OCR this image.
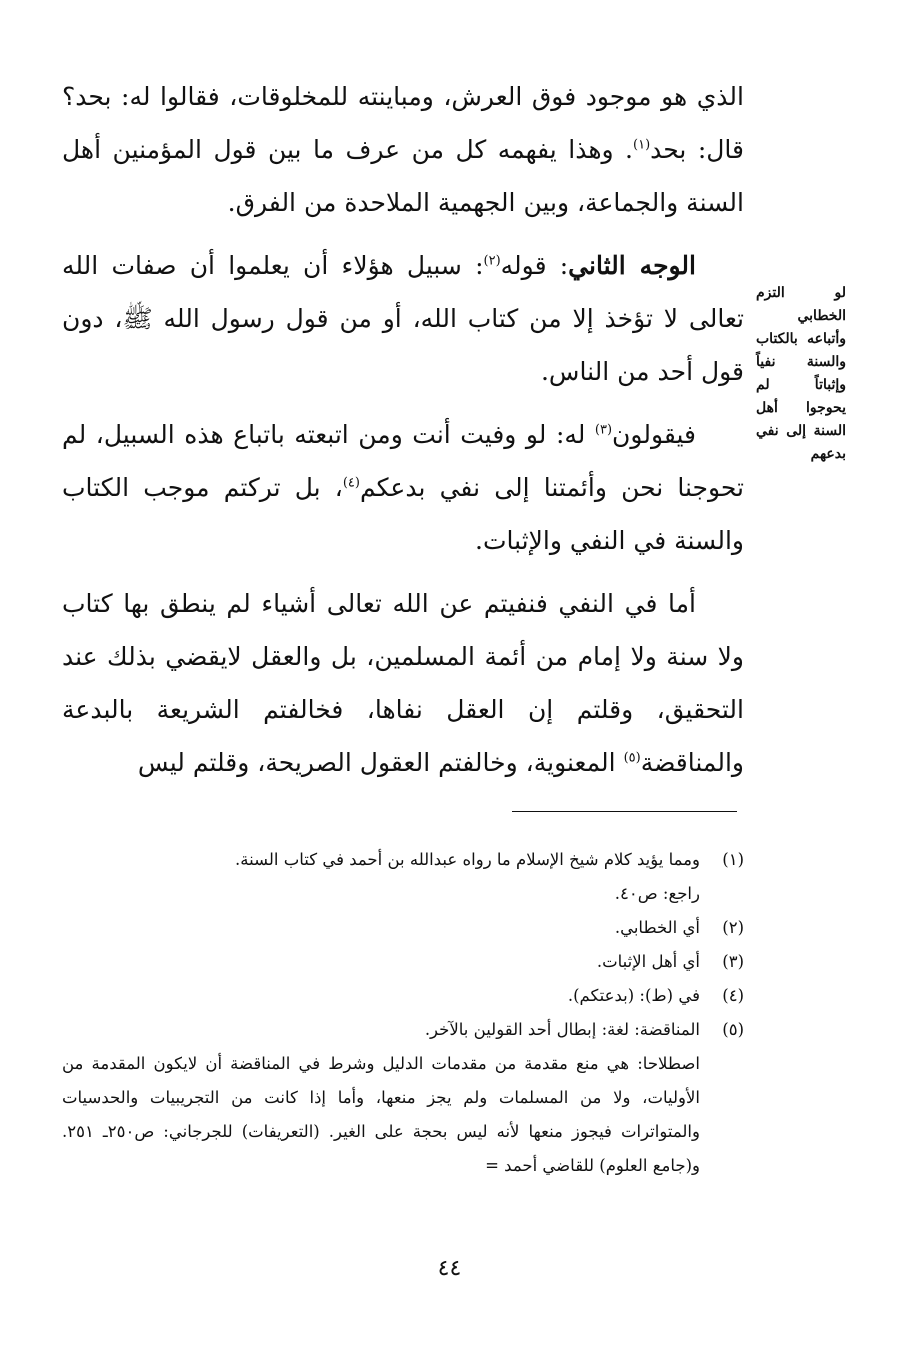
الذي هو موجود فوق العرش، ومباينته للمخلوقات، فقالوا له: بحد؟ قال: بحد$^{(١)}$. وهذا يفهمه كل من عرف ما بين قول المؤمنين أهل السنة والجماعة، وبين الجهمية الملاحدة من الفرق.

الوجه الثاني: قوله$^{(٢)}$: سبيل هؤلاء أن يعلموا أن صفات الله تعالى لا تؤخذ إلا من كتاب الله، أو من قول رسول الله ﷺ، دون قول أحد من الناس.

فيقولون$^{(٣)}$ له: لو وفيت أنت ومن اتبعته باتباع هذه السبيل، لم تحوجنا نحن وأئمتنا إلى نفي بدعكم$^{(٤)}$، بل تركتم موجب الكتاب والسنة في النفي والإثبات.

أما في النفي فنفيتم عن الله تعالى أشياء لم ينطق بها كتاب ولا سنة ولا إمام من أئمة المسلمين، بل والعقل لايقضي بذلك عند التحقيق، وقلتم إن العقل نفاها، فخالفتم الشريعة بالبدعة والمناقضة$^{(٥)}$ المعنوية، وخالفتم العقول الصريحة، وقلتم ليس

لو التزم الخطابي وأتباعه بالكتاب والسنة نفياً وإثباتاً لم يحوجوا أهل السنة إلى نفي بدعهم
(١)
ومما يؤيد كلام شيخ الإسلام ما رواه عبدالله بن أحمد في كتاب السنة.
راجع: ص٤٠.
(٢)
أي الخطابي.
(٣)
أي أهل الإثبات.
(٤)
في (ط): (بدعتكم).
(٥)
المناقضة: لغة: إبطال أحد القولين بالآخر.
اصطلاحا: هي منع مقدمة من مقدمات الدليل وشرط في المناقضة أن لايكون المقدمة من الأوليات، ولا من المسلمات ولم يجز منعها، وأما إذا كانت من التجريبيات والحدسيات والمتواترات فيجوز منعها لأنه ليس بحجة على الغير. (التعريفات) للجرجاني: ص٢٥٠ـ ٢٥١. و(جامع العلوم) للقاضي أحمد =
٤٤
